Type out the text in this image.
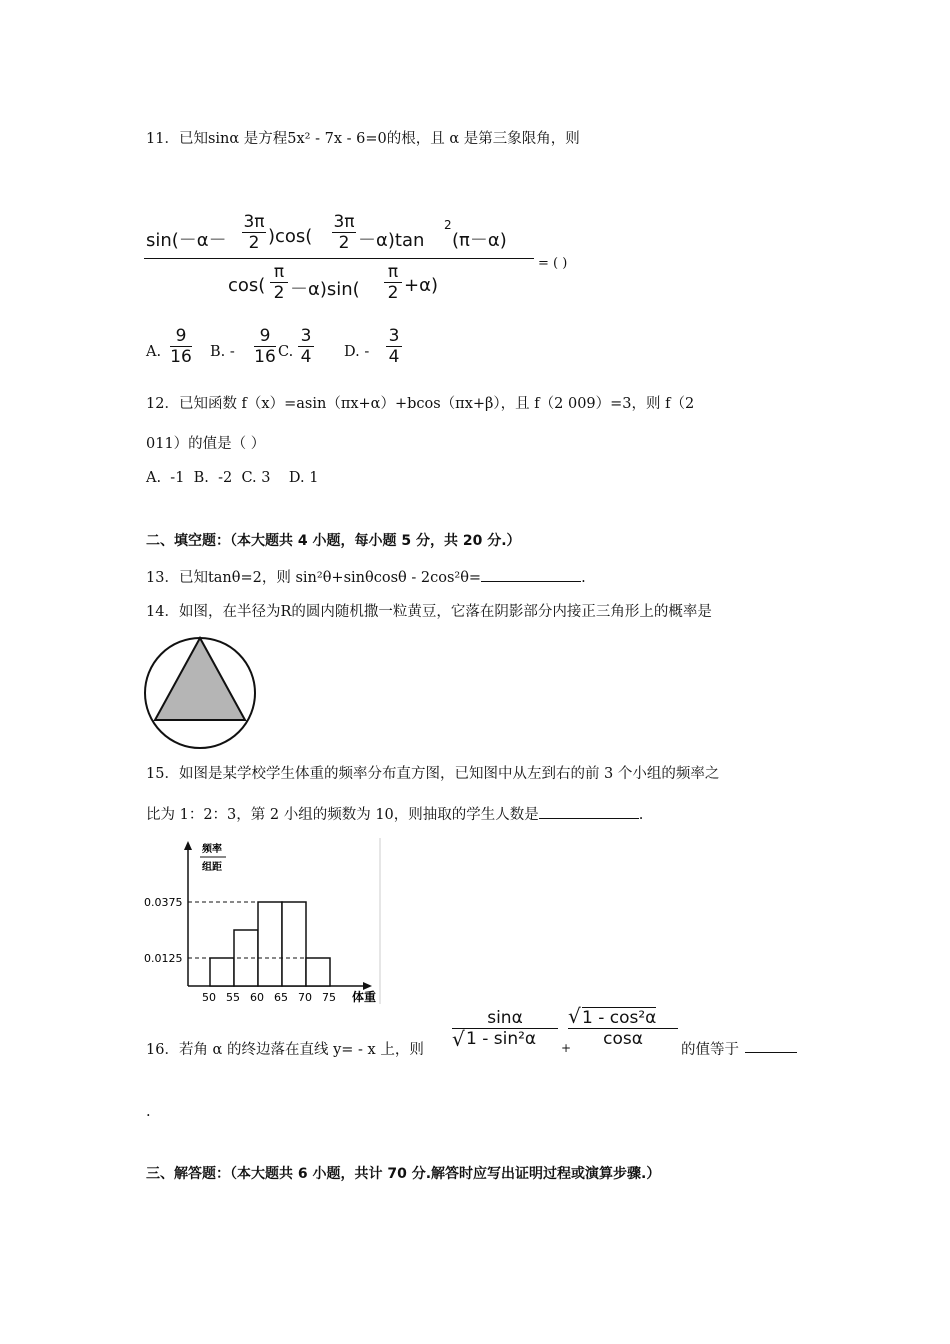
11．已知sinα 是方程5x² - 7x - 6=0的根，且 α 是第三象限角，则
$\sin(-\alpha- \frac{3\pi}{2} )\cos( \frac{3\pi}{2} -\alpha)\tan$
2
(π－α)
= ( )
$\cos( \frac{\pi}{2} -\alpha)\sin( \frac{\pi}{2} +\alpha)$
A. $\frac{9}{16} B$. - $\frac{9}{16} C$. $\frac{3}{4} D$. - $\frac{3}{4}$
12．已知函数 f（x）=asin（πx+α）+bcos（πx+β），且 f（2 009）=3，则 f（2
011）的值是（ ）
A.  -1  B.  -2  C. 3    D. 1
二、填空题：（本大题共 4 小题，每小题 5 分，共 20 分.）
13．已知tanθ=2，则 sin²θ+sinθcosθ - 2cos²θ=	.
14．如图，在半径为R的圆内随机撒一粒黄豆，它落在阴影部分内接正三角形上的概率是
15．如图是某学校学生体重的频率分布直方图，已知图中从左到右的前 3 个小组的频率之
比为 1：2：3，第 2 小组的频数为 10，则抽取的学生人数是	.
频率
组距
0.0125
0.0375
50 55 60 65 70 75 体重
16．若角 α 的终边落在直线 y= - x 上，则
$\frac{\sin\alpha}{\text{√ 1 - sin²α}}$ +
$\frac{\text{√ 1 - cos²α}}{\cos\alpha}$
的值等于
.
三、解答题：（本大题共 6 小题，共计 70 分.解答时应写出证明过程或演算步骤.）
